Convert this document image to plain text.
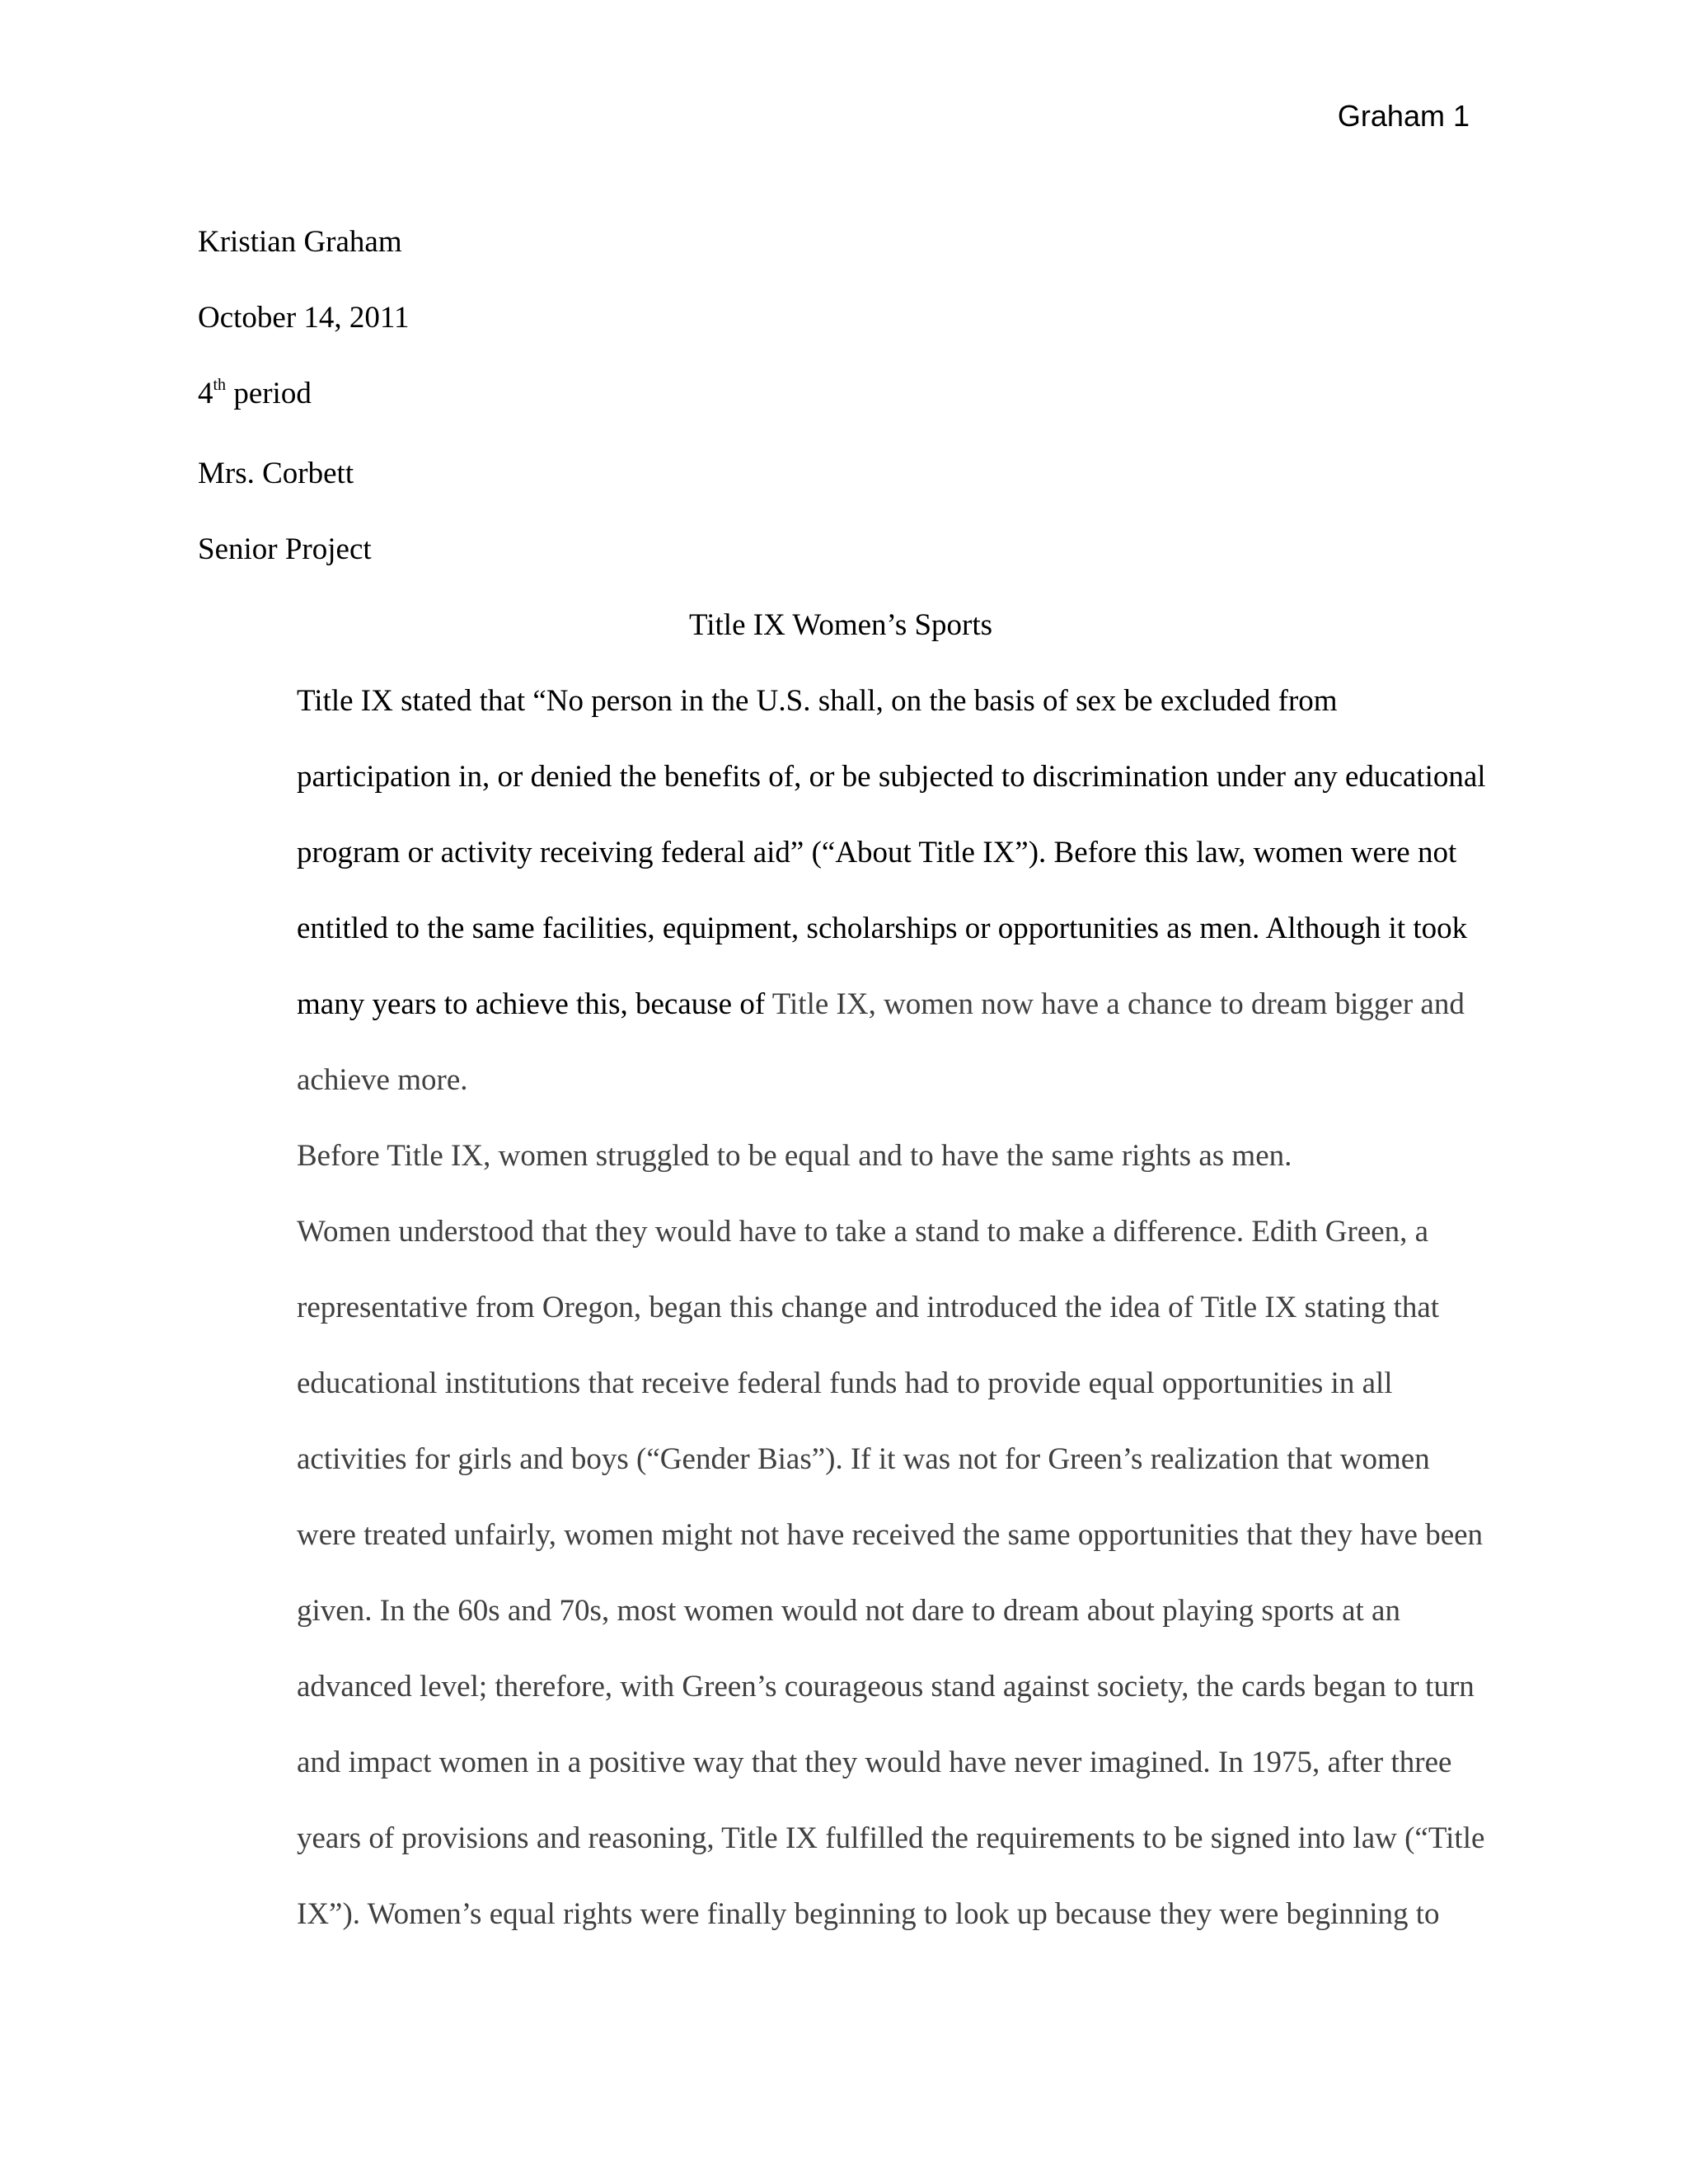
Graham 1

Kristian Graham

October 14, 2011

4th period

Mrs. Corbett

Senior Project

Title IX Women’s Sports

Title IX stated that “No person in the U.S. shall, on the basis of sex be excluded from
participation in, or denied the benefits of, or be subjected to discrimination under any educational
program or activity receiving federal aid” (“About Title IX”). Before this law, women were not
entitled to the same facilities, equipment, scholarships or opportunities as men. Although it took
many years to achieve this, because of Title IX, women now have a chance to dream bigger and
achieve more.

Before Title IX, women struggled to be equal and to have the same rights as men.
Women understood that they would have to take a stand to make a difference. Edith Green, a
representative from Oregon, began this change and introduced the idea of Title IX stating that
educational institutions that receive federal funds had to provide equal opportunities in all
activities for girls and boys (“Gender Bias”). If it was not for Green’s realization that women
were treated unfairly, women might not have received the same opportunities that they have been
given. In the 60s and 70s, most women would not dare to dream about playing sports at an
advanced level; therefore, with Green’s courageous stand against society, the cards began to turn
and impact women in a positive way that they would have never imagined. In 1975, after three
years of provisions and reasoning, Title IX fulfilled the requirements to be signed into law (“Title
IX”). Women’s equal rights were finally beginning to look up because they were beginning to
